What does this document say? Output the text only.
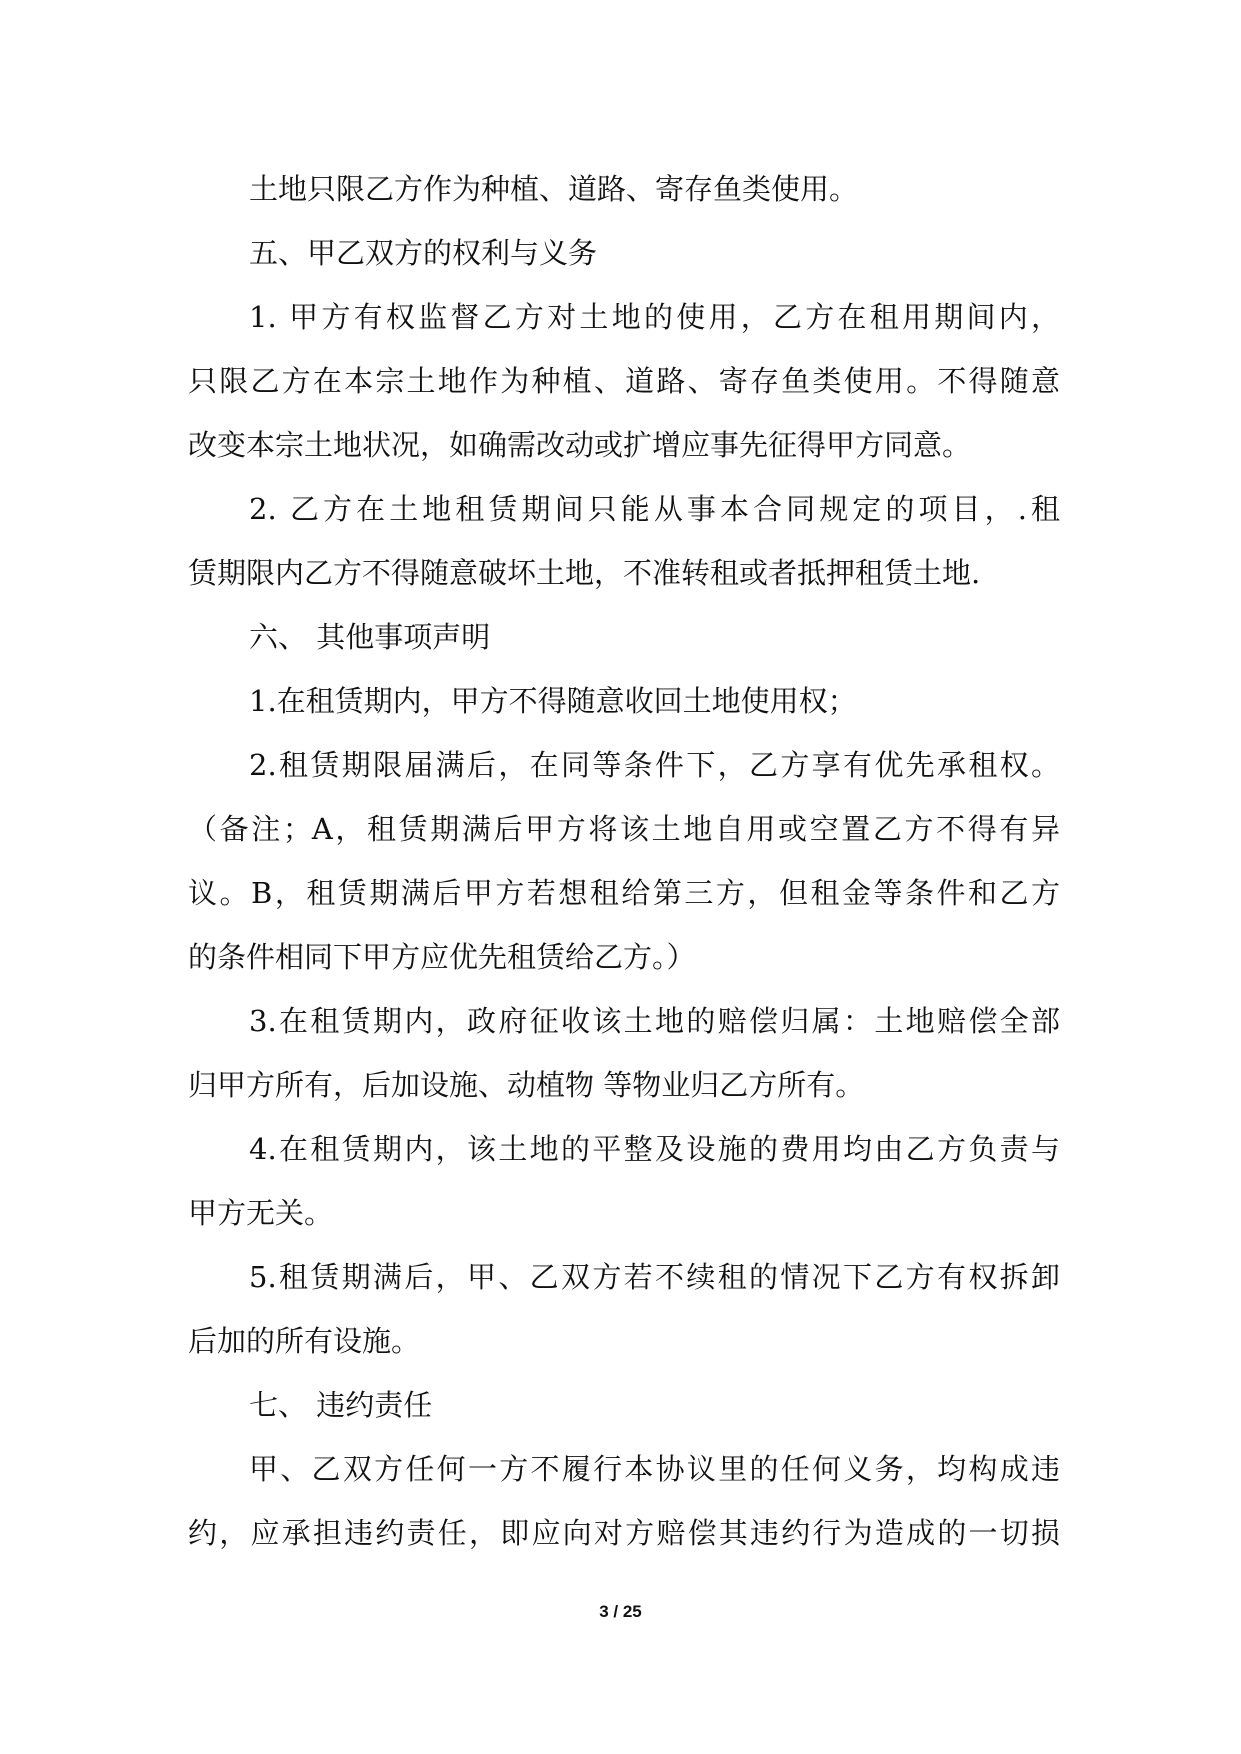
土地只限乙方作为种植、道路、寄存鱼类使用。
五、甲乙双方的权利与义务
1. 甲方有权监督乙方对土地的使用，乙方在租用期间内，
只限乙方在本宗土地作为种植、道路、寄存鱼类使用。不得随意
改变本宗土地状况，如确需改动或扩增应事先征得甲方同意。
2. 乙方在土地租赁期间只能从事本合同规定的项目，.租
赁期限内乙方不得随意破坏土地，不准转租或者抵押租赁土地.
六、 其他事项声明
1.在租赁期内，甲方不得随意收回土地使用权；
2.租赁期限届满后，在同等条件下，乙方享有优先承租权。
（备注；A，租赁期满后甲方将该土地自用或空置乙方不得有异
议。B，租赁期满后甲方若想租给第三方，但租金等条件和乙方
的条件相同下甲方应优先租赁给乙方。）
3.在租赁期内，政府征收该土地的赔偿归属：土地赔偿全部
归甲方所有，后加设施、动植物 等物业归乙方所有。
4.在租赁期内，该土地的平整及设施的费用均由乙方负责与
甲方无关。
5.租赁期满后，甲、乙双方若不续租的情况下乙方有权拆卸
后加的所有设施。
七、 违约责任
甲、乙双方任何一方不履行本协议里的任何义务，均构成违
约，应承担违约责任，即应向对方赔偿其违约行为造成的一切损
3 / 25
